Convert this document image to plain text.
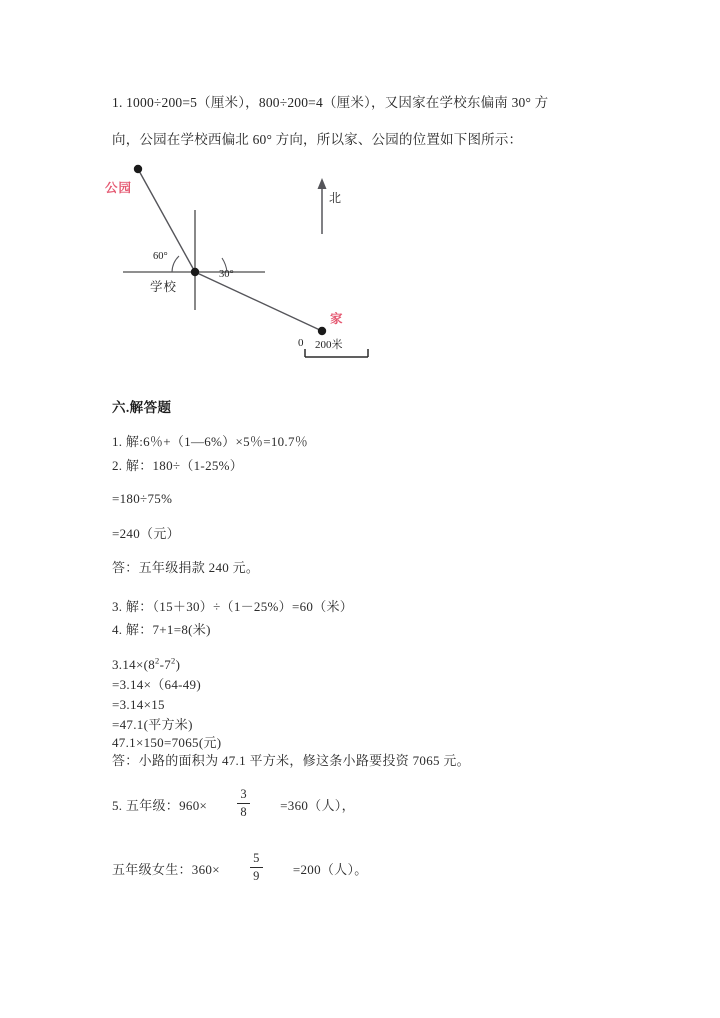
1. 1000÷200=5（厘米），800÷200=4（厘米），又因家在学校东偏南 30° 方
向，公园在学校西偏北 60° 方向，所以家、公园的位置如下图所示：
公园
家
学校
60°
30°
北
0 200米
六.解答题
1. 解:6％+（1—6%）×5％=10.7％
2. 解：180÷（1-25%）
=180÷75%
=240（元）
答：五年级捐款 240 元。
3. 解：（15＋30）÷（1－25%）=60（米）
4. 解：7+1=8(米)
$3.14\times(8^2-7^2)$
=3.14×（64-49)
=3.14×15
=47.1(平方米)
47.1×150=7065(元)
答：小路的面积为 47.1 平方米，修这条小路要投资 7065 元。
5. 五年级：$960\times \frac{3}{8} =360$（人），
五年级女生：$360\times \frac{5}{9} =200$（人）。
